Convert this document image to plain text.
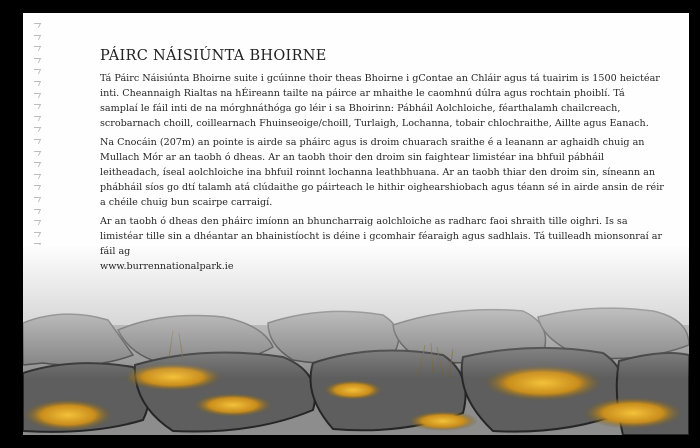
PÁIRC NÁISIÚNTA BHOIRNE

Tá Páirc Náisiúnta Bhoirne suite i gcúinne thoir theas Bhoirne i gContae an Chláir agus tá tuairim is 1500 heictéar inti. Cheannaigh Rialtas na hÉireann tailte na páirce ar mhaithe le caomhnú dúlra agus rochtain phoiblí. Tá samplaí le fáil inti de na mórghnáthóga go léir i sa Bhoirinn: Pábháil Aolchloiche, féarthalamh chailcreach, scrobarnach choill, coillearnach Fhuinseoige/choill, Turlaigh, Lochanna, tobair chlochraithe, Aillte agus Eanach.

Na Cnocáin (207m) an pointe is airde sa pháirc agus is droim chuarach sraithe é a leanann ar aghaidh chuig an Mullach Mór ar an taobh ó dheas. Ar an taobh thoir den droim sin faightear limistéar ina bhfuil pábháil leitheadach, íseal aolchloiche ina bhfuil roinnt lochanna leathbhuana. Ar an taobh thiar den droim sin, síneann an phábháil síos go dtí talamh atá clúdaithe go páirteach le hithir oighearshiobach agus téann sé in airde ansin de réir a chéile chuig bun scairpe carraigí.

Ar an taobh ó dheas den pháirc imíonn an bhuncharraig aolchloiche as radharc faoi shraith tille oighri. Is sa limistéar tille sin a dhéantar an bhainistíocht is déine i gcomhair féaraigh agus sadhlais. Tá tuilleadh mionsonraí ar fáil ag
www.burrennationalpark.ie
